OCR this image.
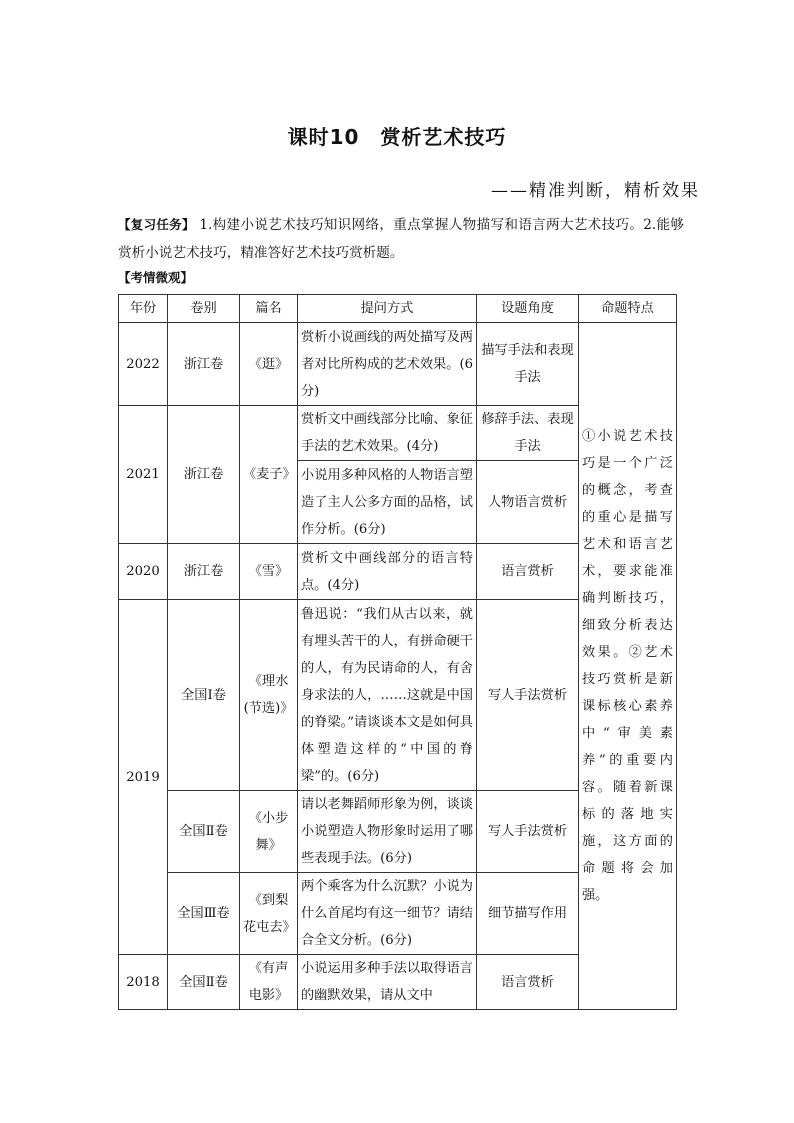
课时10　赏析艺术技巧
——精准判断，精析效果
【复习任务】 1.构建小说艺术技巧知识网络，重点掌握人物描写和语言两大艺术技巧。2.能够赏析小说艺术技巧，精准答好艺术技巧赏析题。
【考情微观】
年份	卷别	篇名	提问方式	设题角度	命题特点
2022	浙江卷	《逛》	赏析小说画线的两处描写及两者对比所构成的艺术效果。(6分)	描写手法和表现手法	①小说艺术技巧是一个广泛的概念，考查的重心是描写艺术和语言艺术，要求能准确判断技巧，细致分析表达效果。②艺术技巧赏析是新课标核心素养中“审美素养”的重要内容。随着新课标的落地实施，这方面的命题将会加强。
2021	浙江卷	《麦子》	赏析文中画线部分比喻、象征手法的艺术效果。(4分)	修辞手法、表现手法	
			小说用多种风格的人物语言塑造了主人公多方面的品格，试作分析。(6分)	人物语言赏析	
2020	浙江卷	《雪》	赏析文中画线部分的语言特点。(4分)	语言赏析	
2019	全国Ⅰ卷	《理水(节选)》	鲁迅说：“我们从古以来，就有埋头苦干的人，有拼命硬干的人，有为民请命的人，有舍身求法的人，……这就是中国的脊梁。”请谈谈本文是如何具体塑造这样的“中国的脊梁”的。(6分)	写人手法赏析	
	全国Ⅱ卷	《小步舞》	请以老舞蹈师形象为例，谈谈小说塑造人物形象时运用了哪些表现手法。(6分)	写人手法赏析	
	全国Ⅲ卷	《到梨花屯去》	两个乘客为什么沉默？小说为什么首尾均有这一细节？请结合全文分析。(6分)	细节描写作用	
2018	全国Ⅱ卷	《有声电影》	小说运用多种手法以取得语言的幽默效果，请从文中	语言赏析	
